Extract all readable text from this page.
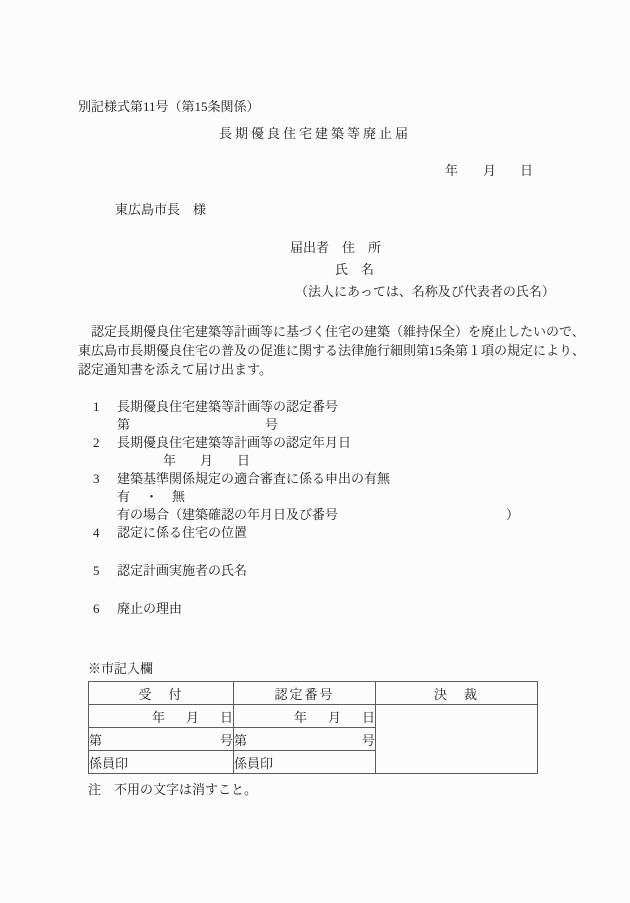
別記様式第11号（第15条関係）
長期優良住宅建築等廃止届
年 月 日
東広島市長　様
届出者 住　所
氏　名
（法人にあっては、名称及び代表者の氏名）
　認定長期優良住宅建築等計画等に基づく住宅の建築（維持保全）を廃止したいので、
東広島市長期優良住宅の普及の促進に関する法律施行細則第15条第１項の規定により、
認定通知書を添えて届け出ます。
1	長期優良住宅建築等計画等の認定番号
第	号
2	長期優良住宅建築等計画等の認定年月日
年 月 日
3	建築基準関係規定の適合審査に係る申出の有無
有 ・ 無
有の場合（建築確認の年月日及び番号	）
4	認定に係る住宅の位置
5	認定計画実施者の氏名
6	廃止の理由
※市記入欄
受　付	認定番号	決　裁
年 月 日	年 月 日	

第 号	第 号	

係員印	係員印	
注　不用の文字は消すこと。
